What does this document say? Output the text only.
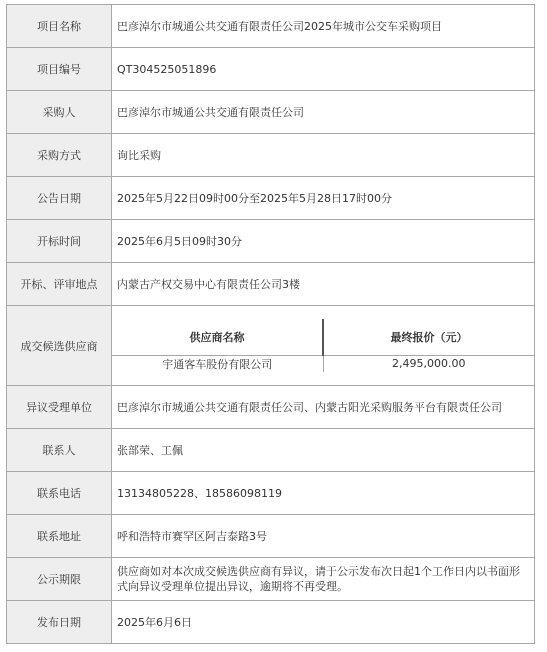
项目名称	巴彦淖尔市城通公共交通有限责任公司2025年城市公交车采购项目
项目编号	QT304525051896
采购人	巴彦淖尔市城通公共交通有限责任公司
采购方式	询比采购
公告日期	2025年5月22日09时00分至2025年5月28日17时00分
开标时间	2025年6月5日09时30分
开标、评审地点	内蒙古产权交易中心有限责任公司3楼
成交候选供应商	
供应商名称	最终报价（元）
宇通客车股份有限公司	2,495,000.00

异议受理单位	巴彦淖尔市城通公共交通有限责任公司、内蒙古阳光采购服务平台有限责任公司
联系人	张部荣、工佩
联系电话	13134805228、18586098119
联系地址	呼和浩特市赛罕区阿吉泰路3号
公示期限	供应商如对本次成交候选供应商有异议，请于公示发布次日起1个工作日内以书面形式向异议受理单位提出异议，逾期将不再受理。
发布日期	2025年6月6日
